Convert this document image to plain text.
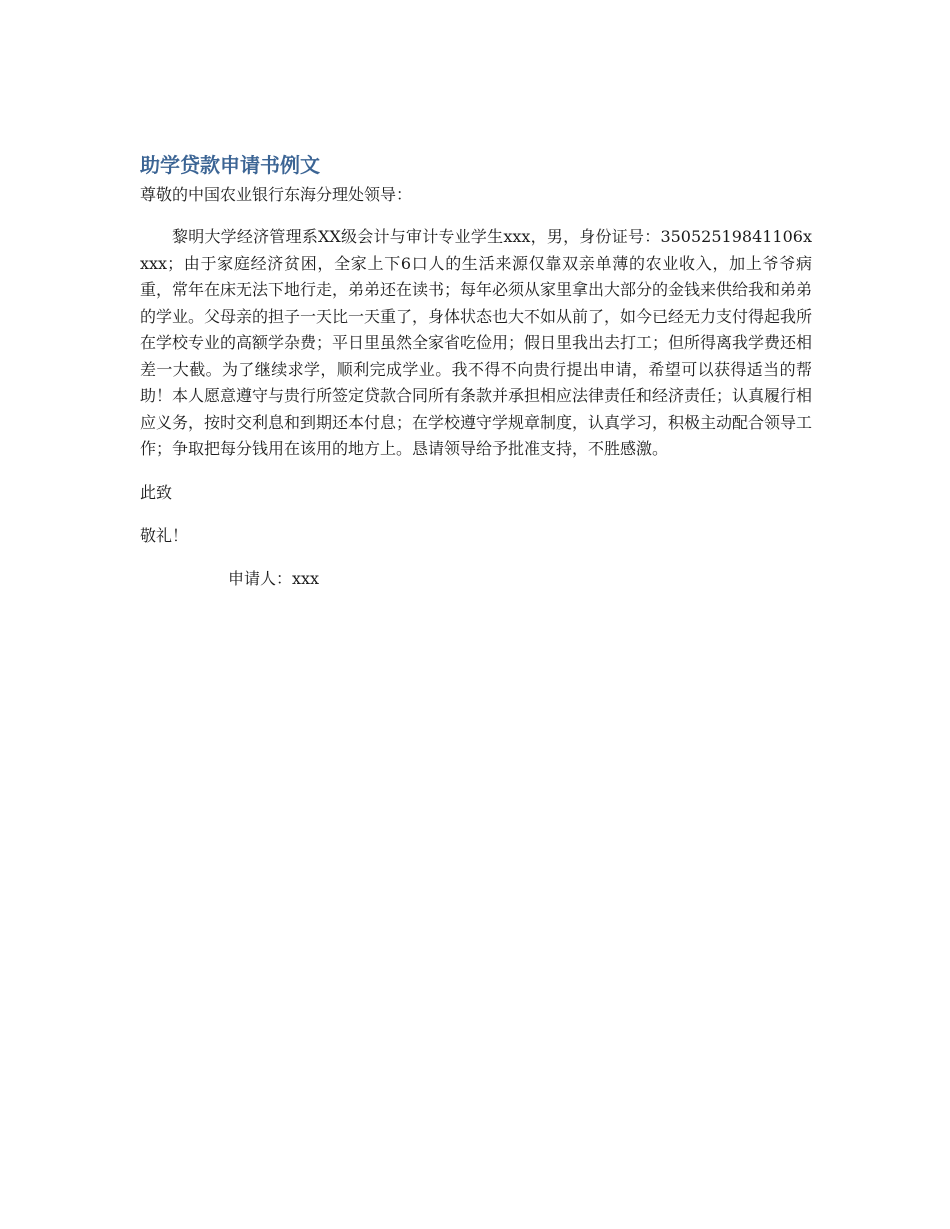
助学贷款申请书例文

尊敬的中国农业银行东海分理处领导：

黎明大学经济管理系XX级会计与审计专业学生xxx，男，身份证号：35052519841106xxxx；由于家庭经济贫困，全家上下6口人的生活来源仅靠双亲单薄的农业收入，加上爷爷病重，常年在床无法下地行走，弟弟还在读书；每年必须从家里拿出大部分的金钱来供给我和弟弟的学业。父母亲的担子一天比一天重了，身体状态也大不如从前了，如今已经无力支付得起我所在学校专业的高额学杂费；平日里虽然全家省吃俭用；假日里我出去打工；但所得离我学费还相差一大截。为了继续求学，顺利完成学业。我不得不向贵行提出申请，希望可以获得适当的帮助！本人愿意遵守与贵行所签定贷款合同所有条款并承担相应法律责任和经济责任；认真履行相应义务，按时交利息和到期还本付息；在学校遵守学规章制度，认真学习，积极主动配合领导工作；争取把每分钱用在该用的地方上。恳请领导给予批准支持，不胜感激。

此致

敬礼！

申请人：xxx
